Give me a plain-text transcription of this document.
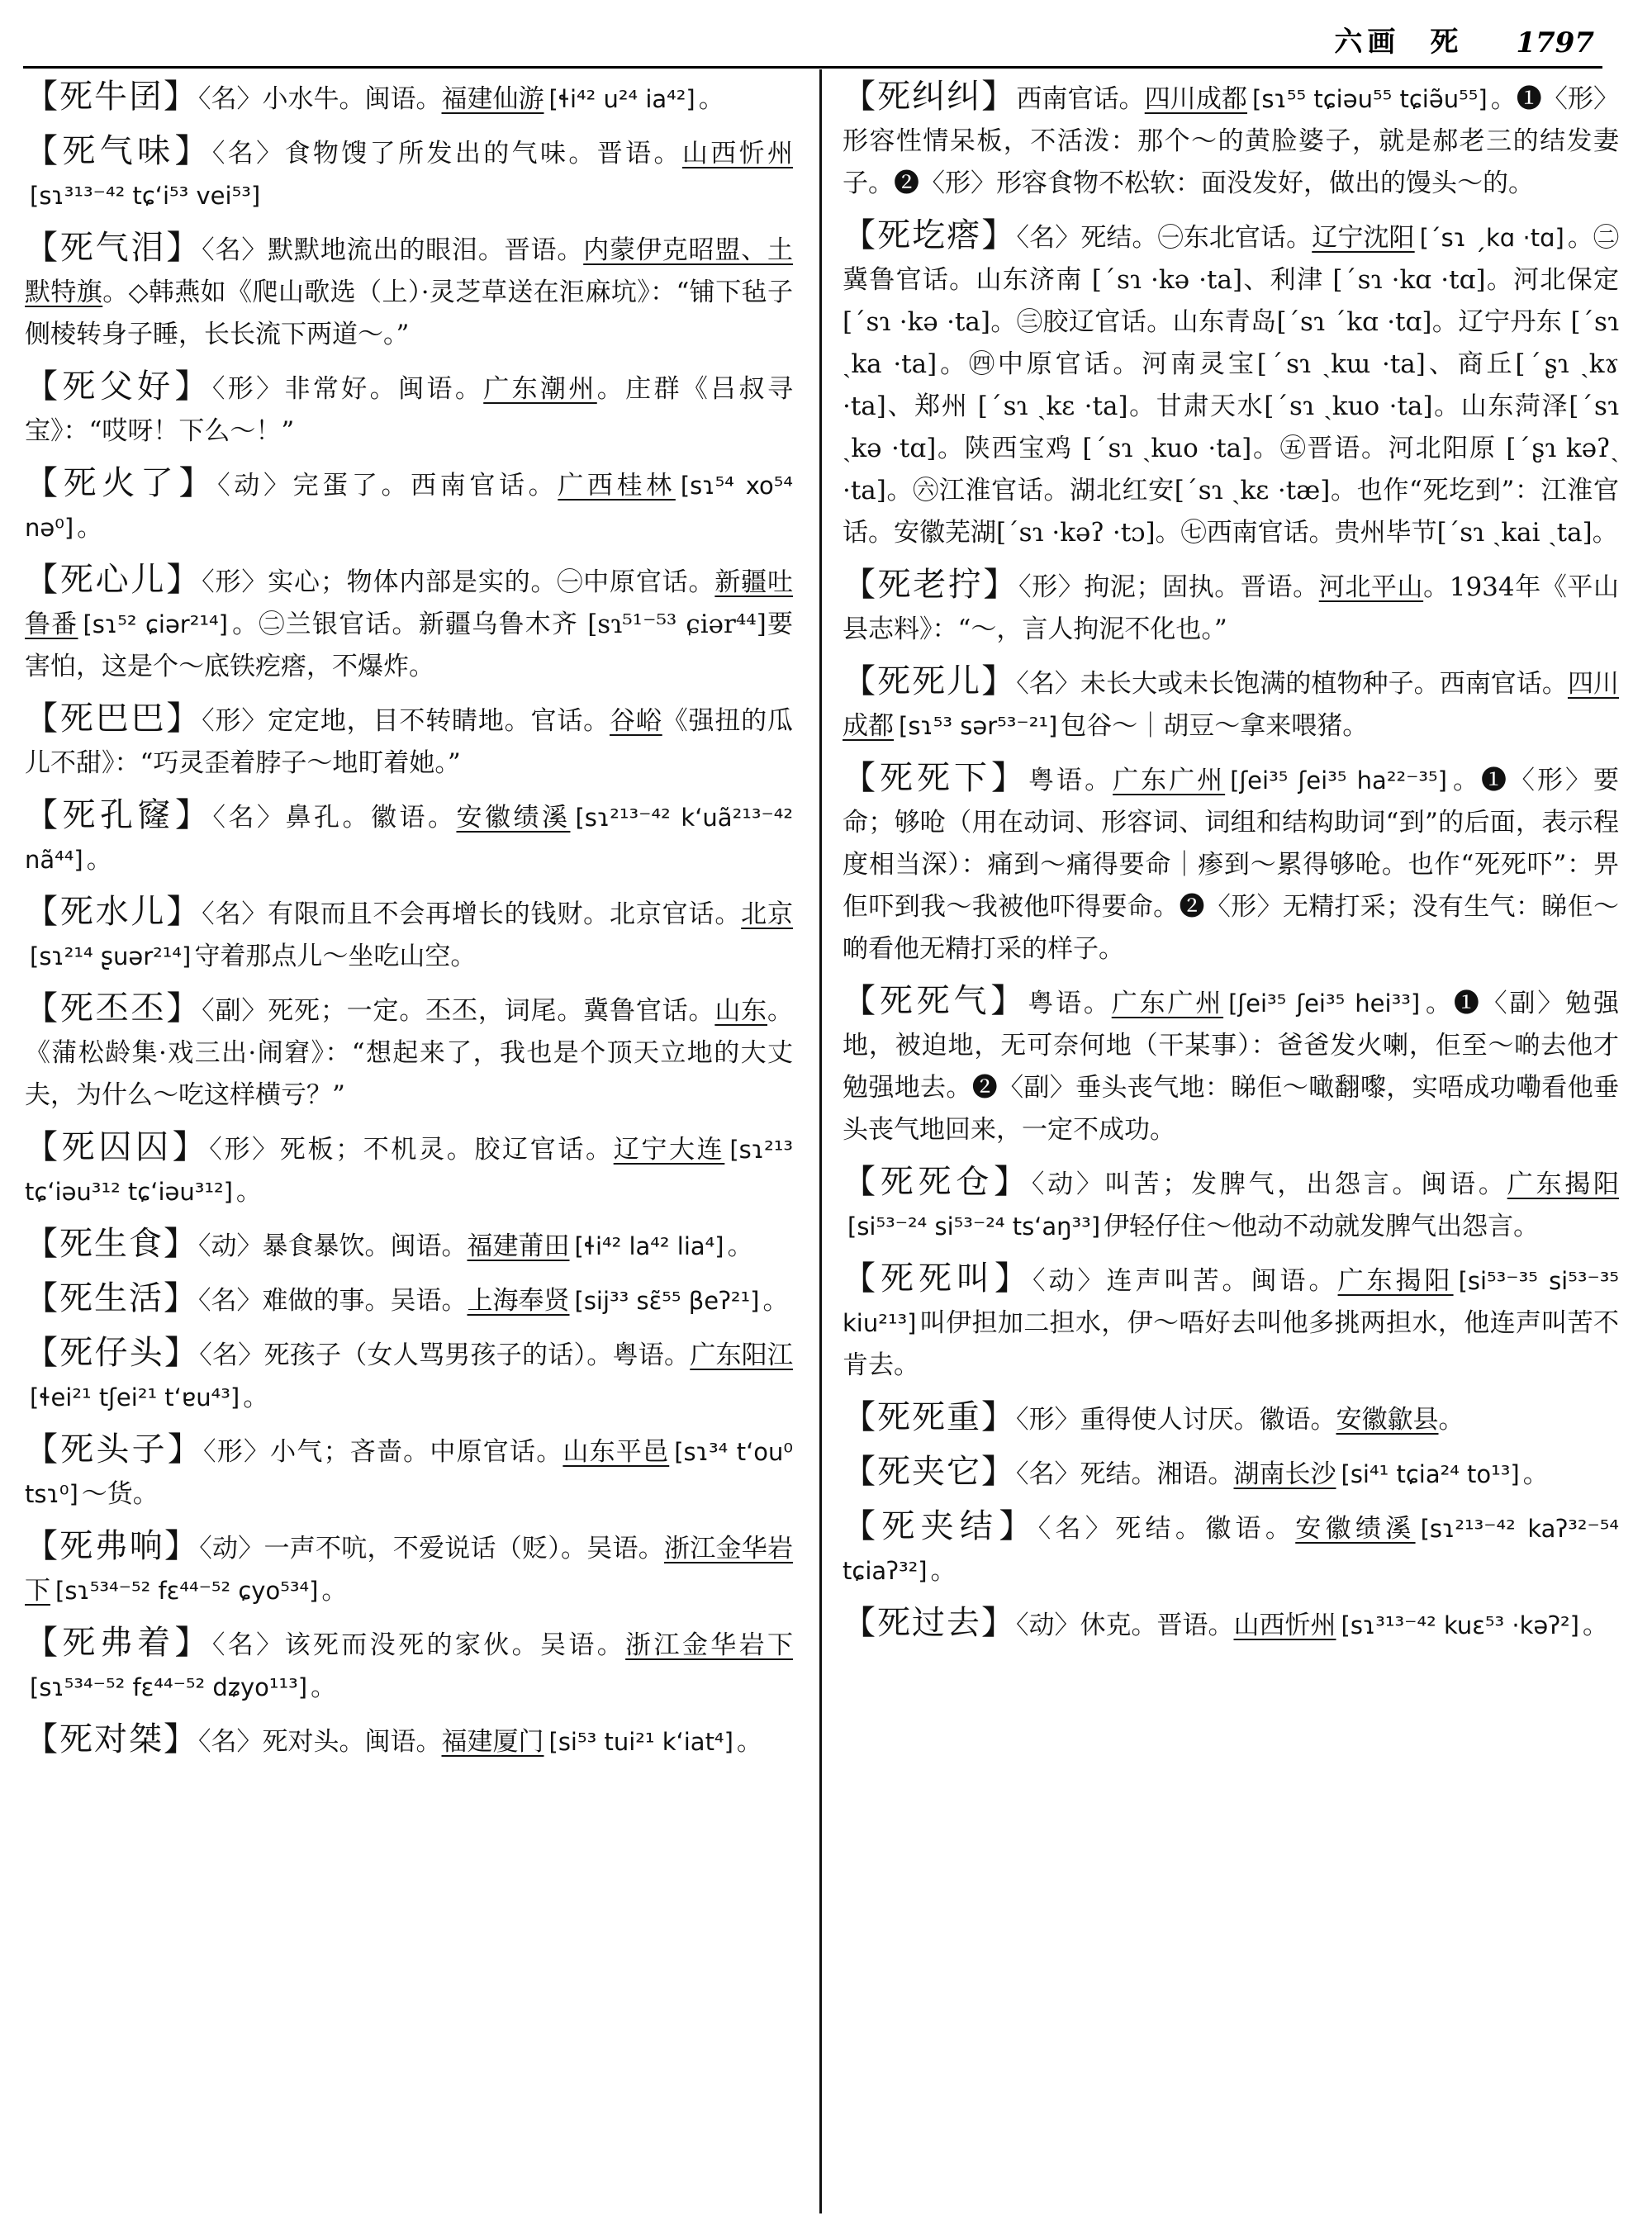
六画 死 1797
【死牛囝】〈名〉小水牛。闽语。福建仙游 [ɬi⁴² u²⁴ ia⁴²] 。
【死气味】〈名〉食物馊了所发出的气味。晋语。山西忻州[sɿ³¹³⁻⁴² tɕʻi⁵³ vei⁵³]
【死气泪】〈名〉默默地流出的眼泪。晋语。内蒙伊克昭盟、土默特旗。◇韩燕如《爬山歌选（上）·灵芝草送在洰麻坑》：“铺下毡子侧棱转身子睡，长长流下两道～。”
【死父好】〈形〉非常好。闽语。广东潮州。庄群《吕叔寻宝》：“哎呀！下么～！”
【死火了】〈动〉完蛋了。西南官话。广西桂林 [sɿ⁵⁴ xo⁵⁴ nə⁰] 。
【死心儿】〈形〉实心；物体内部是实的。㊀中原官话。新疆吐鲁番 [sɿ⁵² ɕiər²¹⁴] 。㊁兰银官话。新疆乌鲁木齐 [sɿ⁵¹⁻⁵³ ɕiər⁴⁴]要害怕，这是个～底铁疙瘩，不爆炸。
【死巴巴】〈形〉定定地，目不转睛地。官话。谷峪《强扭的瓜儿不甜》：“巧灵歪着脖子～地盯着她。”
【死孔窿】〈名〉鼻孔。徽语。安徽绩溪 [sɿ²¹³⁻⁴² kʻuã²¹³⁻⁴² nã⁴⁴] 。
【死水儿】〈名〉有限而且不会再增长的钱财。北京官话。北京[sɿ²¹⁴ ʂuər²¹⁴] 守着那点儿～坐吃山空。
【死丕丕】〈副〉死死；一定。丕丕，词尾。冀鲁官话。山东。《蒲松龄集·戏三出·闹窘》：“想起来了，我也是个顶天立地的大丈夫，为什么～吃这样横亏？”
【死囚囚】〈形〉死板；不机灵。胶辽官话。辽宁大连 [sɿ²¹³ tɕʻiəu³¹² tɕʻiəu³¹²] 。
【死生食】〈动〉暴食暴饮。闽语。福建莆田 [ɬi⁴² la⁴² lia⁴] 。
【死生活】〈名〉难做的事。吴语。上海奉贤 [sij³³ sɛ̃⁵⁵ βeʔ²¹] 。
【死仔头】〈名〉死孩子（女人骂男孩子的话）。粤语。广东阳江[ɬei²¹ tʃei²¹ tʻɐu⁴³] 。
【死头子】〈形〉小气；吝啬。中原官话。山东平邑 [sɿ³⁴ tʻou⁰ tsɿ⁰] ～货。
【死弗响】〈动〉一声不吭，不爱说话（贬）。吴语。浙江金华岩下 [sɿ⁵³⁴⁻⁵² fɛ⁴⁴⁻⁵² ɕyo⁵³⁴] 。
【死弗着】〈名〉该死而没死的家伙。吴语。浙江金华岩下[sɿ⁵³⁴⁻⁵² fɛ⁴⁴⁻⁵² dʑyo¹¹³] 。
【死对桀】〈名〉死对头。闽语。福建厦门 [si⁵³ tui²¹ kʻiat⁴] 。
【死纠纠】西南官话。四川成都 [sɿ⁵⁵ tɕiəu⁵⁵ tɕiə̃u⁵⁵] 。❶〈形〉形容性情呆板，不活泼：那个～的黄脸婆子，就是郝老三的结发妻子。❷〈形〉形容食物不松软：面没发好，做出的馒头～的。
【死圪瘩】〈名〉死结。㊀东北官话。辽宁沈阳 [ˊsɿ ˏkɑ ·tɑ] 。㊁冀鲁官话。山东济南 [ˊsɿ ·kə ·ta]、利津 [ˊsɿ ·kɑ ·tɑ]。河北保定[ˊsɿ ·kə ·ta]。㊂胶辽官话。山东青岛[ˊsɿ ˊkɑ ·tɑ]。辽宁丹东 [ˊsɿ ˏka ·ta]。㊃中原官话。河南灵宝[ˊsɿ ˏkɯ ·ta]、商丘[ˊʂɿ ˏkɤ ·ta]、郑州 [ˊsɿ ˏkɛ ·ta]。甘肃天水[ˊsɿ ˏkuo ·ta]。山东菏泽[ˊsɿ ˏkə ·tɑ]。陕西宝鸡 [ˊsɿ ˏkuo ·ta]。㊄晋语。河北阳原 [ˊʂɿ kəʔˎ ·ta]。㊅江淮官话。湖北红安[ˊsɿ ˏkɛ ·tæ]。也作“死圪到”：江淮官话。安徽芜湖[ˊsɿ ·kəʔ ·tɔ]。㊆西南官话。贵州毕节[ˊsɿ ˏkai ˏta]。
【死老拧】〈形〉拘泥；固执。晋语。河北平山。1934年《平山县志料》：“～，言人拘泥不化也。”
【死死儿】〈名〉未长大或未长饱满的植物种子。西南官话。四川成都 [sɿ⁵³ sər⁵³⁻²¹] 包谷～｜胡豆～拿来喂猪。
【死死下】粤语。广东广州 [ʃei³⁵ ʃei³⁵ ha²²⁻³⁵] 。❶〈形〉要命；够呛（用在动词、形容词、词组和结构助词“到”的后面，表示程度相当深）：痛到～痛得要命｜瘆到～累得够呛。也作“死死吓”：畀佢吓到我～我被他吓得要命。❷〈形〉无精打采；没有生气：睇佢～啲看他无精打采的样子。
【死死气】粤语。广东广州 [ʃei³⁵ ʃei³⁵ hei³³] 。❶〈副〉勉强地，被迫地，无可奈何地（干某事）：爸爸发火喇，佢至～啲去他才勉强地去。❷〈副〉垂头丧气地：睇佢～噉翻嚟，实唔成功嘞看他垂头丧气地回来，一定不成功。
【死死仓】〈动〉叫苦；发脾气，出怨言。闽语。广东揭阳[si⁵³⁻²⁴ si⁵³⁻²⁴ tsʻaŋ³³] 伊轻仔住～他动不动就发脾气出怨言。
【死死叫】〈动〉连声叫苦。闽语。广东揭阳 [si⁵³⁻³⁵ si⁵³⁻³⁵ kiu²¹³] 叫伊担加二担水，伊～唔好去叫他多挑两担水，他连声叫苦不肯去。
【死死重】〈形〉重得使人讨厌。徽语。安徽歙县。
【死夹它】〈名〉死结。湘语。湖南长沙 [si⁴¹ tɕia²⁴ to¹³] 。
【死夹结】〈名〉死结。徽语。安徽绩溪 [sɿ²¹³⁻⁴² kaʔ³²⁻⁵⁴ tɕiaʔ³²] 。
【死过去】〈动〉休克。晋语。山西忻州 [sɿ³¹³⁻⁴² kuɛ⁵³ ·kəʔ²] 。
